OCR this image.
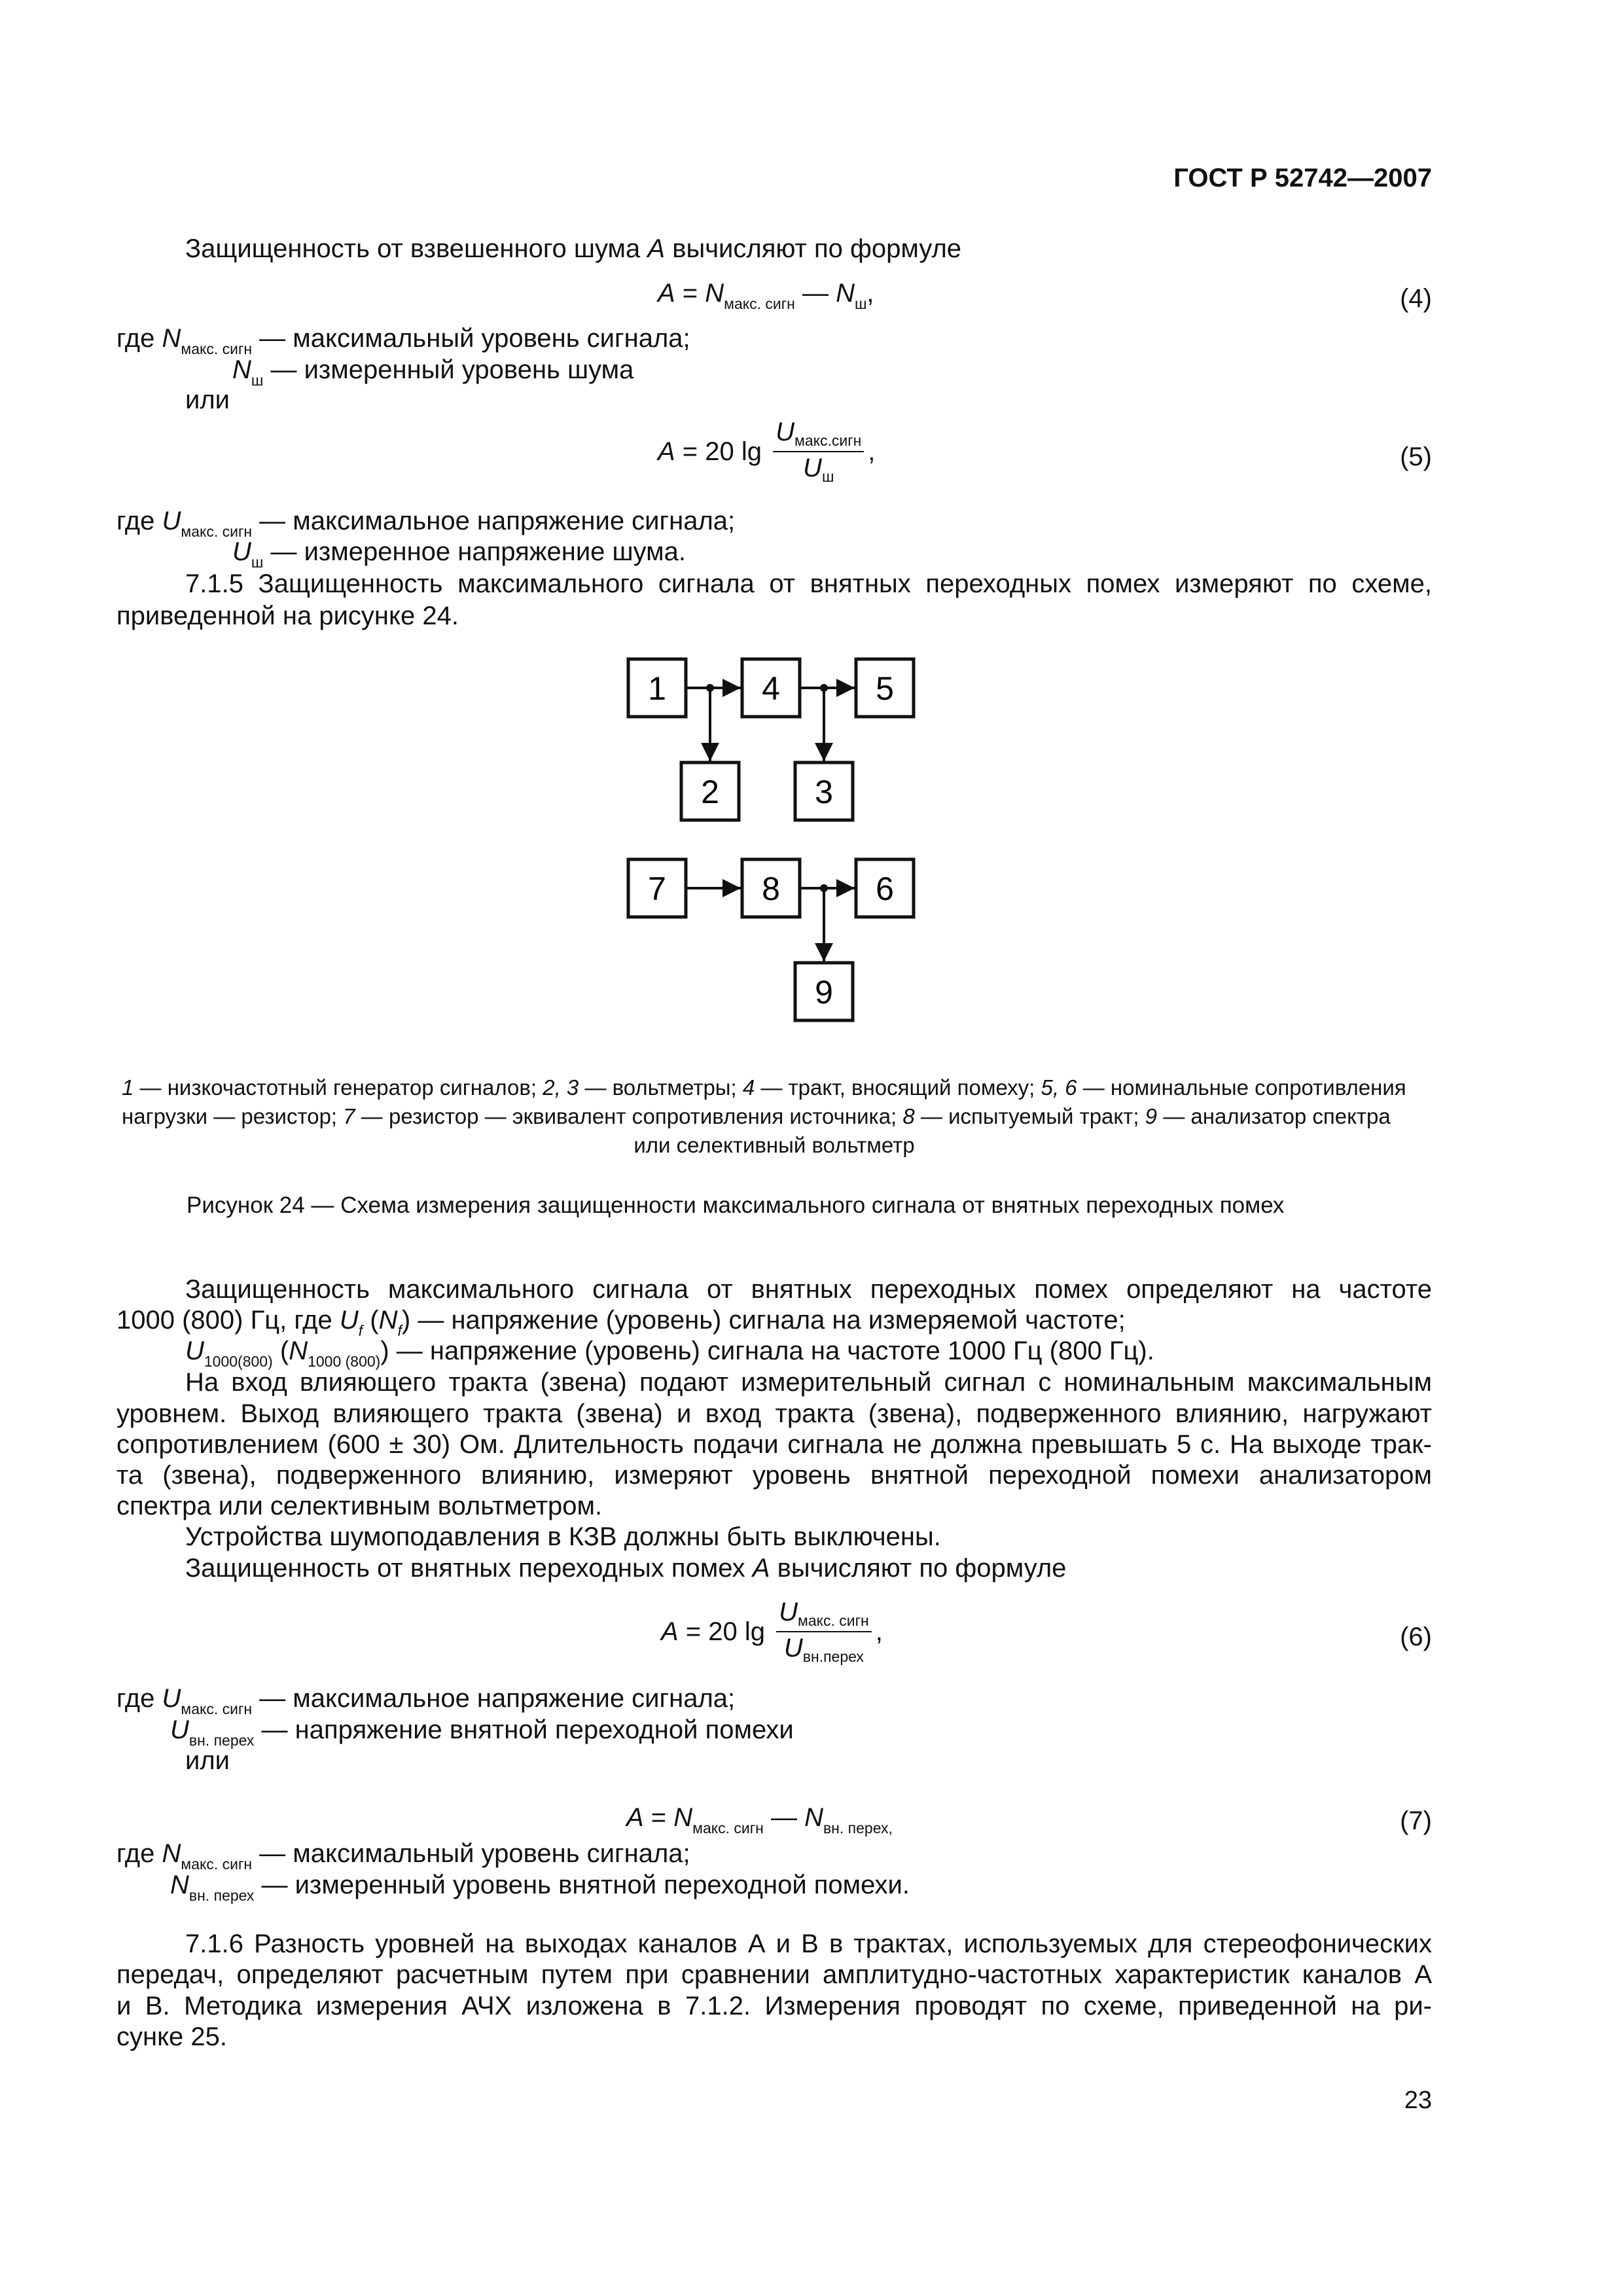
ГОСТ Р 52742—2007
Защищенность от взвешенного шума A вычисляют по формуле
$A = N_{макс. сигн}$ — $N_ш$,	(4)
где $N_{макс. сигн}$ — максимальный уровень сигнала;
$N_ш$ — измеренный уровень шума
или
A = 20 $\lg \frac{U_{макс.сигн}}{U_ш}$ ,	(5)
где $U_{макс. сигн}$ — максимальное напряжение сигнала;
$U_ш$ — измеренное напряжение шума.
7.1.5 Защищенность максимального сигнала от внятных переходных помех измеряют по схеме,
приведенной на рисунке 24.
1	4	5
2	3
7	8	6
9
1 — низкочастотный генератор сигналов; 2, 3 — вольтметры; 4 — тракт, вносящий помеху; 5, 6 — номинальные сопротивления
нагрузки — резистор; 7 — резистор — эквивалент сопротивления источника; 8 — испытуемый тракт; 9 — анализатор спектра
или селективный вольтметр
Рисунок 24 — Схема измерения защищенности максимального сигнала от внятных переходных помех
Защищенность максимального сигнала от внятных переходных помех определяют на частоте
1000 (800) Гц, где $U_f$ $(N_f)$ — напряжение (уровень) сигнала на измеряемой частоте;
$U_{1000(800)}$ $(N_{1000 (800)})$ — напряжение (уровень) сигнала на частоте 1000 Гц (800 Гц).
На вход влияющего тракта (звена) подают измерительный сигнал с номинальным максимальным
уровнем. Выход влияющего тракта (звена) и вход тракта (звена), подверженного влиянию, нагружают
сопротивлением (600 ± 30) Ом. Длительность подачи сигнала не должна превышать 5 с. На выходе трак-
та (звена), подверженного влиянию, измеряют уровень внятной переходной помехи анализатором
спектра или селективным вольтметром.
Устройства шумоподавления в КЗВ должны быть выключены.
Защищенность от внятных переходных помех A вычисляют по формуле
A = 20 $\lg \frac{U_{макс. сигн}}{U_{вн.перех}}$ ,	(6)
где $U_{макс. сигн}$ — максимальное напряжение сигнала;
$U_{вн. перех}$ — напряжение внятной переходной помехи
или
$A = N_{макс. сигн}$ — $N_{вн. перех,}$	(7)
где $N_{макс. сигн}$ — максимальный уровень сигнала;
$N_{вн. перех}$ — измеренный уровень внятной переходной помехи.
7.1.6 Разность уровней на выходах каналов А и В в трактах, используемых для стереофонических
передач, определяют расчетным путем при сравнении амплитудно-частотных характеристик каналов А
и В. Методика измерения АЧХ изложена в 7.1.2. Измерения проводят по схеме, приведенной на ри-
сунке 25.
23
